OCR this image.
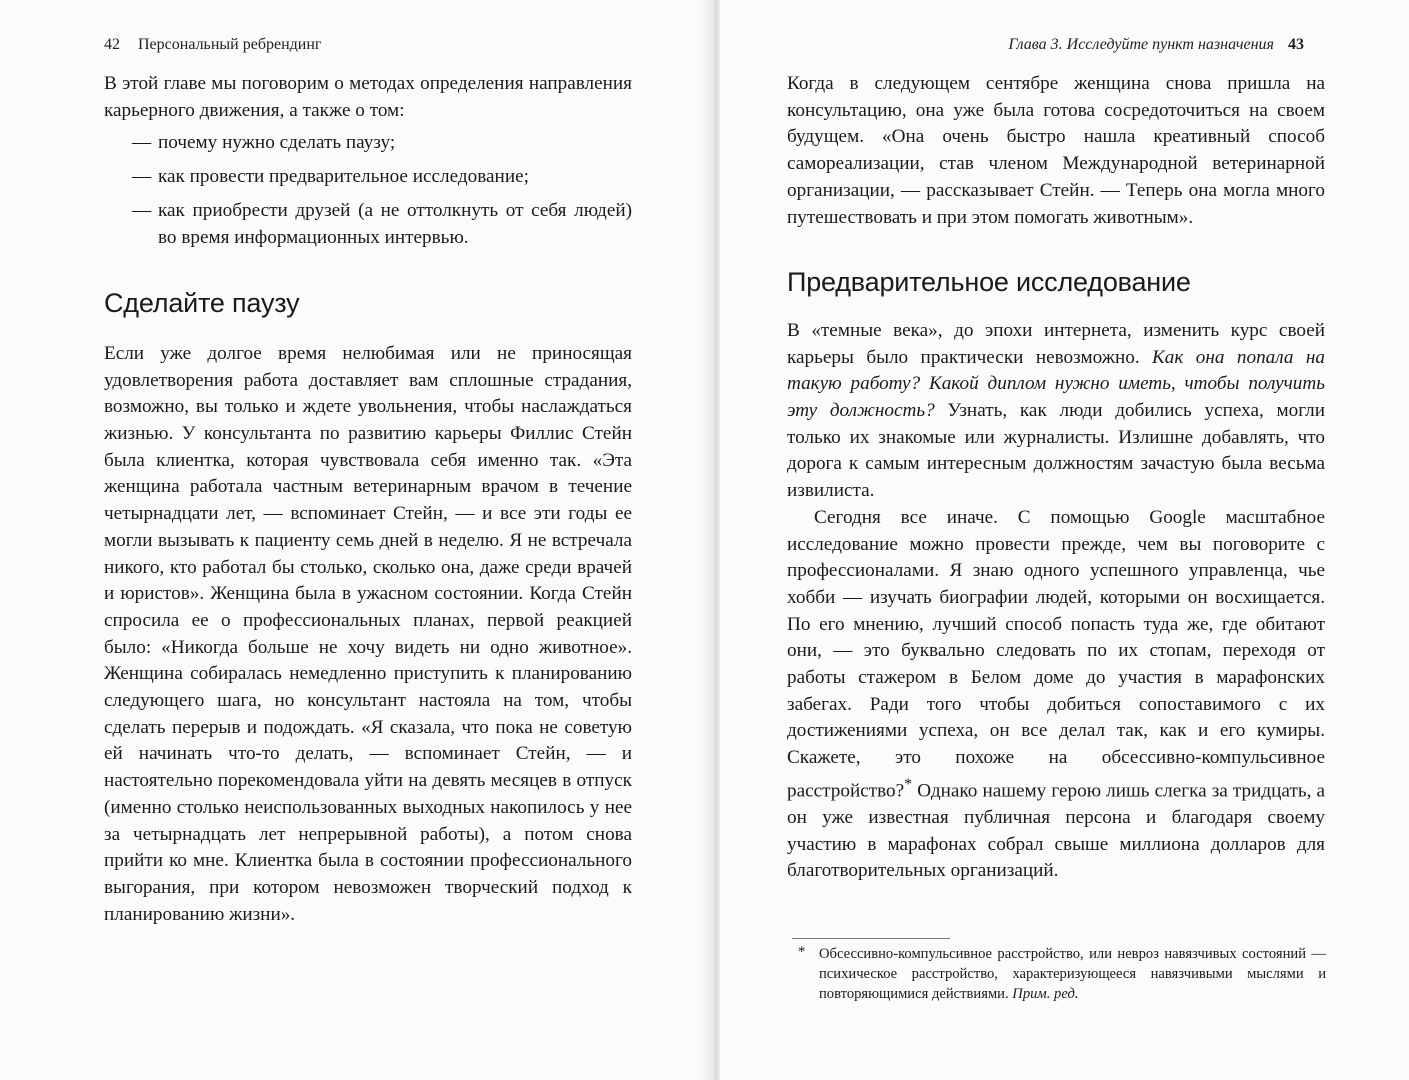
42 Персональный ребрендинг

В этой главе мы поговорим о методах определения направления карьерного движения, а также о том:

— почему нужно сделать паузу;
— как провести предварительное исследование;
— как приобрести друзей (а не оттолкнуть от себя людей) во время информационных интервью.
Сделайте паузу

Если уже долгое время нелюбимая или не приносящая удовлетворения работа доставляет вам сплошные страдания, возможно, вы только и ждете увольнения, чтобы наслаждаться жизнью. У консультанта по развитию карьеры Филлис Стейн была клиентка, которая чувствовала себя именно так. «Эта женщина работала частным ветеринарным врачом в течение четырнадцати лет, — вспоминает Стейн, — и все эти годы ее могли вызывать к пациенту семь дней в неделю. Я не встречала никого, кто работал бы столько, сколько она, даже среди врачей и юристов». Женщина была в ужасном состоянии. Когда Стейн спросила ее о профессиональных планах, первой реакцией было: «Никогда больше не хочу видеть ни одно животное». Женщина собиралась немедленно приступить к планированию следующего шага, но консультант настояла на том, чтобы сделать перерыв и подождать. «Я сказала, что пока не советую ей начинать что-то делать, — вспоминает Стейн, — и настоятельно порекомендовала уйти на девять месяцев в отпуск (именно столько неиспользованных выходных накопилось у нее за четырнадцать лет непрерывной работы), а потом снова прийти ко мне. Клиентка была в состоянии профессионального выгорания, при котором невозможен творческий подход к планированию жизни».

Глава 3. Исследуйте пункт назначения 43

Когда в следующем сентябре женщина снова пришла на консультацию, она уже была готова сосредоточиться на своем будущем. «Она очень быстро нашла креативный способ самореализации, став членом Международной ветеринарной организации, — рассказывает Стейн. — Теперь она могла много путешествовать и при этом помогать животным».

Предварительное исследование

В «темные века», до эпохи интернета, изменить курс своей карьеры было практически невозможно. Как она попала на такую работу? Какой диплом нужно иметь, чтобы получить эту должность? Узнать, как люди добились успеха, могли только их знакомые или журналисты. Излишне добавлять, что дорога к самым интересным должностям зачастую была весьма извилиста.

Сегодня все иначе. С помощью Google масштабное исследование можно провести прежде, чем вы поговорите с профессионалами. Я знаю одного успешного управленца, чье хобби — изучать биографии людей, которыми он восхищается. По его мнению, лучший способ попасть туда же, где обитают они, — это буквально следовать по их стопам, переходя от работы стажером в Белом доме до участия в марафонских забегах. Ради того чтобы добиться сопоставимого с их достижениями успеха, он все делал так, как и его кумиры. Скажете, это похоже на обсессивно-компульсивное расстройство?* Однако нашему герою лишь слегка за тридцать, а он уже известная публичная персона и благодаря своему участию в марафонах собрал свыше миллиона долларов для благотворительных организаций.

* Обсессивно-компульсивное расстройство, или невроз навязчивых состояний — психическое расстройство, характеризующееся навязчивыми мыслями и повторяющимися действиями. Прим. ред.
